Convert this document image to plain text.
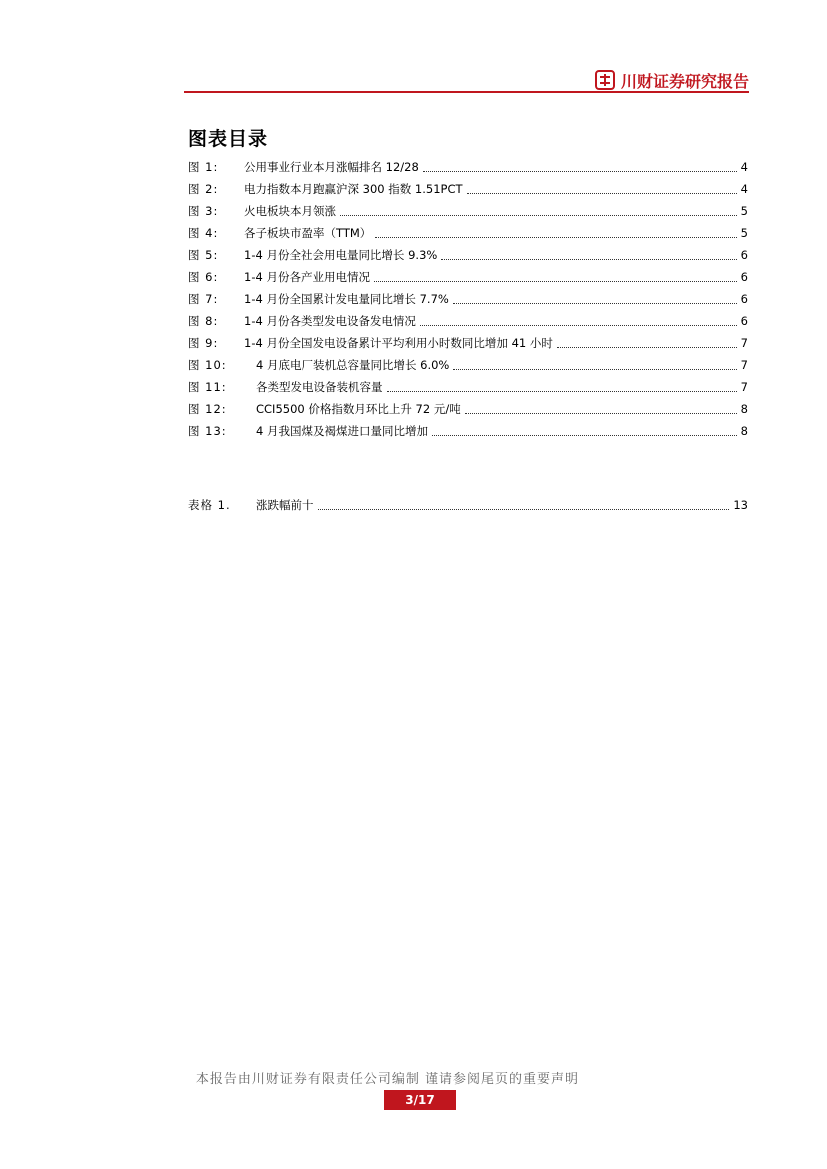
川财证券研究报告
图表目录
图 1:	公用事业行业本月涨幅排名 12/28	4
图 2:	电力指数本月跑赢沪深 300 指数 1.51PCT	4
图 3:	火电板块本月领涨	5
图 4:	各子板块市盈率（TTM）	5
图 5:	1-4 月份全社会用电量同比增长 9.3%	6
图 6:	1-4 月份各产业用电情况	6
图 7:	1-4 月份全国累计发电量同比增长 7.7%	6
图 8:	1-4 月份各类型发电设备发电情况	6
图 9:	1-4 月份全国发电设备累计平均利用小时数同比增加 41 小时	7
图 10:	4 月底电厂装机总容量同比增长 6.0%	7
图 11:	各类型发电设备装机容量	7
图 12:	CCI5500 价格指数月环比上升 72 元/吨	8
图 13:	4 月我国煤及褐煤进口量同比增加	8
表格 1.	涨跌幅前十	13
本报告由川财证券有限责任公司编制 谨请参阅尾页的重要声明
3/17
